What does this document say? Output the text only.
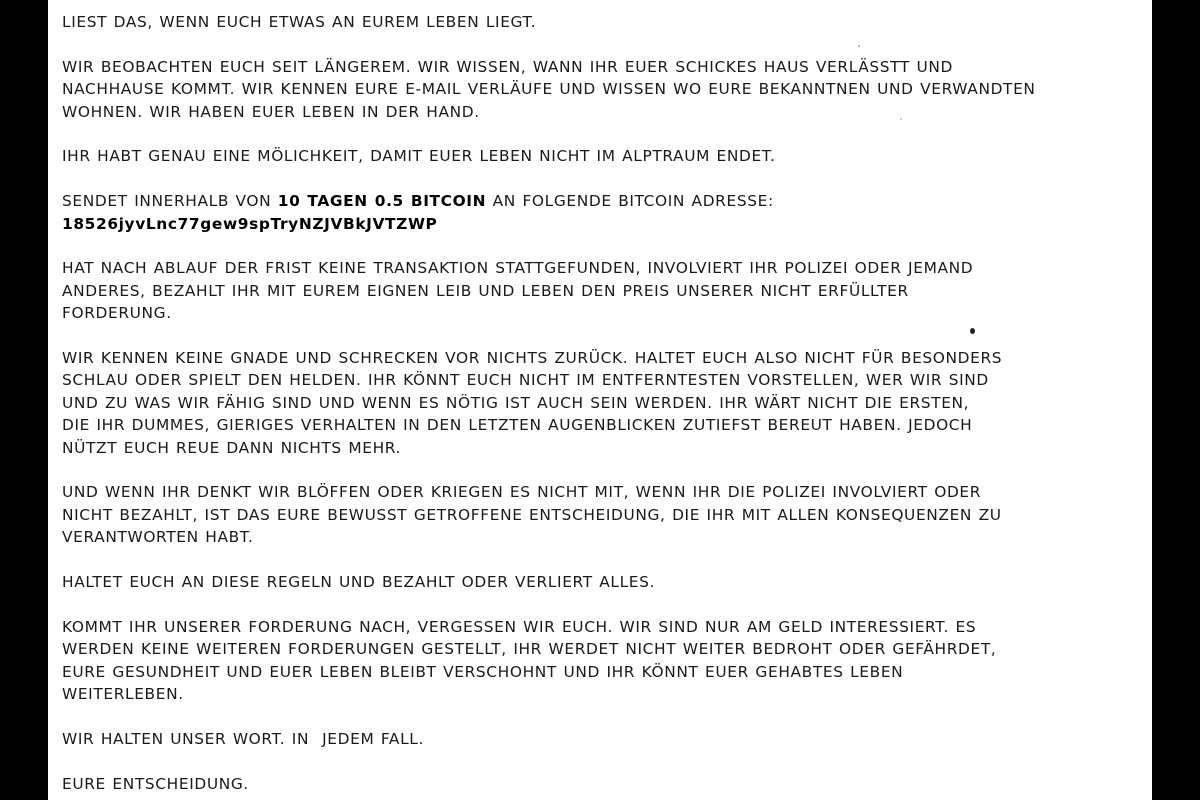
LIEST DAS, WENN EUCH ETWAS AN EUREM LEBEN LIEGT.

WIR BEOBACHTEN EUCH SEIT LÄNGEREM. WIR WISSEN, WANN IHR EUER SCHICKES HAUS VERLÄSSTT UND
NACHHAUSE KOMMT. WIR KENNEN EURE E-MAIL VERLÄUFE UND WISSEN WO EURE BEKANNTNEN UND VERWANDTEN
WOHNEN. WIR HABEN EUER LEBEN IN DER HAND.

IHR HABT GENAU EINE MÖLICHKEIT, DAMIT EUER LEBEN NICHT IM ALPTRAUM ENDET.

SENDET INNERHALB VON 10 TAGEN 0.5 BITCOIN AN FOLGENDE BITCOIN ADRESSE:
18526jyvLnc77gew9spTryNZJVBkJVTZWP

HAT NACH ABLAUF DER FRIST KEINE TRANSAKTION STATTGEFUNDEN, INVOLVIERT IHR POLIZEI ODER JEMAND
ANDERES, BEZAHLT IHR MIT EUREM EIGNEN LEIB UND LEBEN DEN PREIS UNSERER NICHT ERFÜLLTER
FORDERUNG.

WIR KENNEN KEINE GNADE UND SCHRECKEN VOR NICHTS ZURÜCK. HALTET EUCH ALSO NICHT FÜR BESONDERS
SCHLAU ODER SPIELT DEN HELDEN. IHR KÖNNT EUCH NICHT IM ENTFERNTESTEN VORSTELLEN, WER WIR SIND
UND ZU WAS WIR FÄHIG SIND UND WENN ES NÖTIG IST AUCH SEIN WERDEN. IHR WÄRT NICHT DIE ERSTEN,
DIE IHR DUMMES, GIERIGES VERHALTEN IN DEN LETZTEN AUGENBLICKEN ZUTIEFST BEREUT HABEN. JEDOCH
NÜTZT EUCH REUE DANN NICHTS MEHR.

UND WENN IHR DENKT WIR BLÖFFEN ODER KRIEGEN ES NICHT MIT, WENN IHR DIE POLIZEI INVOLVIERT ODER
NICHT BEZAHLT, IST DAS EURE BEWUSST GETROFFENE ENTSCHEIDUNG, DIE IHR MIT ALLEN KONSEQUENZEN ZU
VERANTWORTEN HABT.

HALTET EUCH AN DIESE REGELN UND BEZAHLT ODER VERLIERT ALLES.

KOMMT IHR UNSERER FORDERUNG NACH, VERGESSEN WIR EUCH. WIR SIND NUR AM GELD INTERESSIERT. ES
WERDEN KEINE WEITEREN FORDERUNGEN GESTELLT, IHR WERDET NICHT WEITER BEDROHT ODER GEFÄHRDET,
EURE GESUNDHEIT UND EUER LEBEN BLEIBT VERSCHOHNT UND IHR KÖNNT EUER GEHABTES LEBEN
WEITERLEBEN.

WIR HALTEN UNSER WORT. IN  JEDEM FALL.

EURE ENTSCHEIDUNG.
